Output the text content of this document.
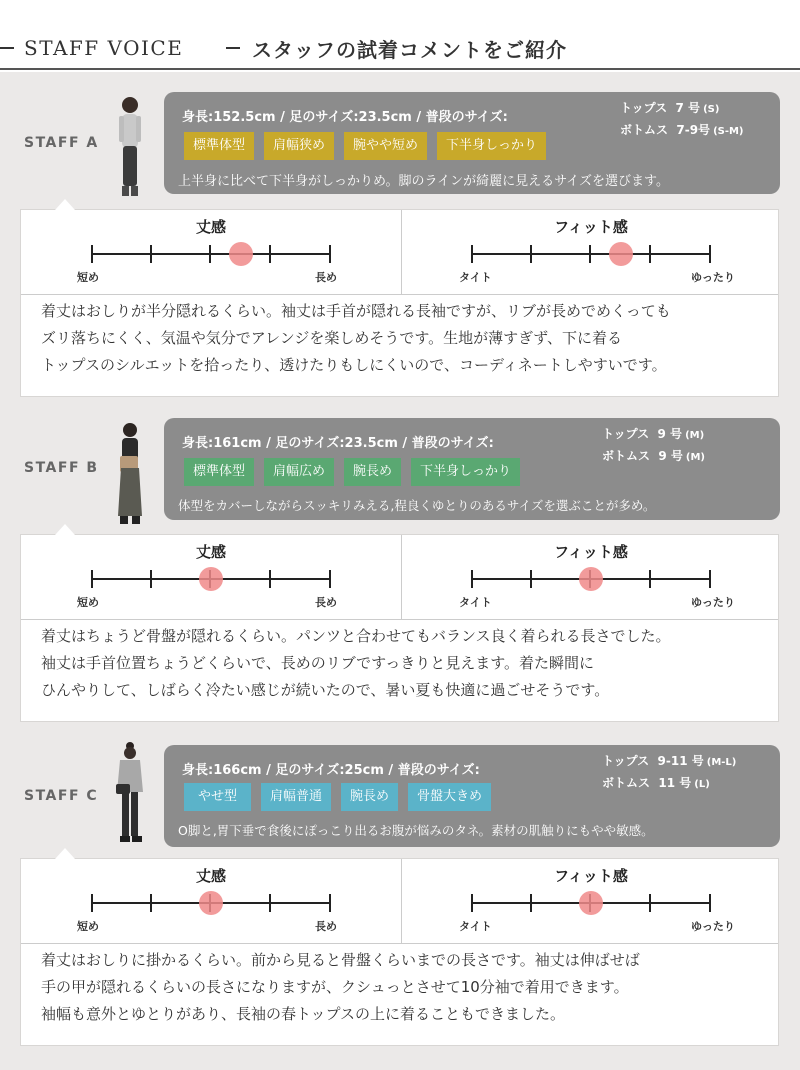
STAFF VOICE	スタッフの試着コメントをご紹介
STAFF A
身長:152.5cm / 足のサイズ:23.5cm / 普段のサイズ:
トップス 7 号 (S)
ボトムス 7-9号 (S-M)
標準体型	肩幅狭め	腕やや短め	下半身しっかり
上半身に比べて下半身がしっかりめ。脚のラインが綺麗に見えるサイズを選びます。
丈感
短め	長め
フィット感
タイト	ゆったり
着丈はおしりが半分隠れるくらい。袖丈は手首が隠れる長袖ですが、リブが長めでめくっても
ズリ落ちにくく、気温や気分でアレンジを楽しめそうです。生地が薄すぎず、下に着る
トップスのシルエットを拾ったり、透けたりもしにくいので、コーディネートしやすいです。
STAFF B
身長:161cm / 足のサイズ:23.5cm / 普段のサイズ:
トップス 9 号 (M)
ボトムス 9 号 (M)
標準体型	肩幅広め	腕長め	下半身しっかり
体型をカバーしながらスッキリみえる,程良くゆとりのあるサイズを選ぶことが多め。
丈感
短め	長め
フィット感
タイト	ゆったり
着丈はちょうど骨盤が隠れるくらい。パンツと合わせてもバランス良く着られる長さでした。
袖丈は手首位置ちょうどくらいで、長めのリブですっきりと見えます。着た瞬間に
ひんやりして、しばらく冷たい感じが続いたので、暑い夏も快適に過ごせそうです。
STAFF C
身長:166cm / 足のサイズ:25cm / 普段のサイズ:
トップス 9-11 号 (M-L)
ボトムス 11 号 (L)
やせ型	肩幅普通	腕長め	骨盤大きめ
O脚と,胃下垂で食後にぽっこり出るお腹が悩みのタネ。素材の肌触りにもやや敏感。
丈感
短め	長め
フィット感
タイト	ゆったり
着丈はおしりに掛かるくらい。前から見ると骨盤くらいまでの長さです。袖丈は伸ばせば
手の甲が隠れるくらいの長さになりますが、クシュっとさせて10分袖で着用できます。
袖幅も意外とゆとりがあり、長袖の春トップスの上に着ることもできました。
